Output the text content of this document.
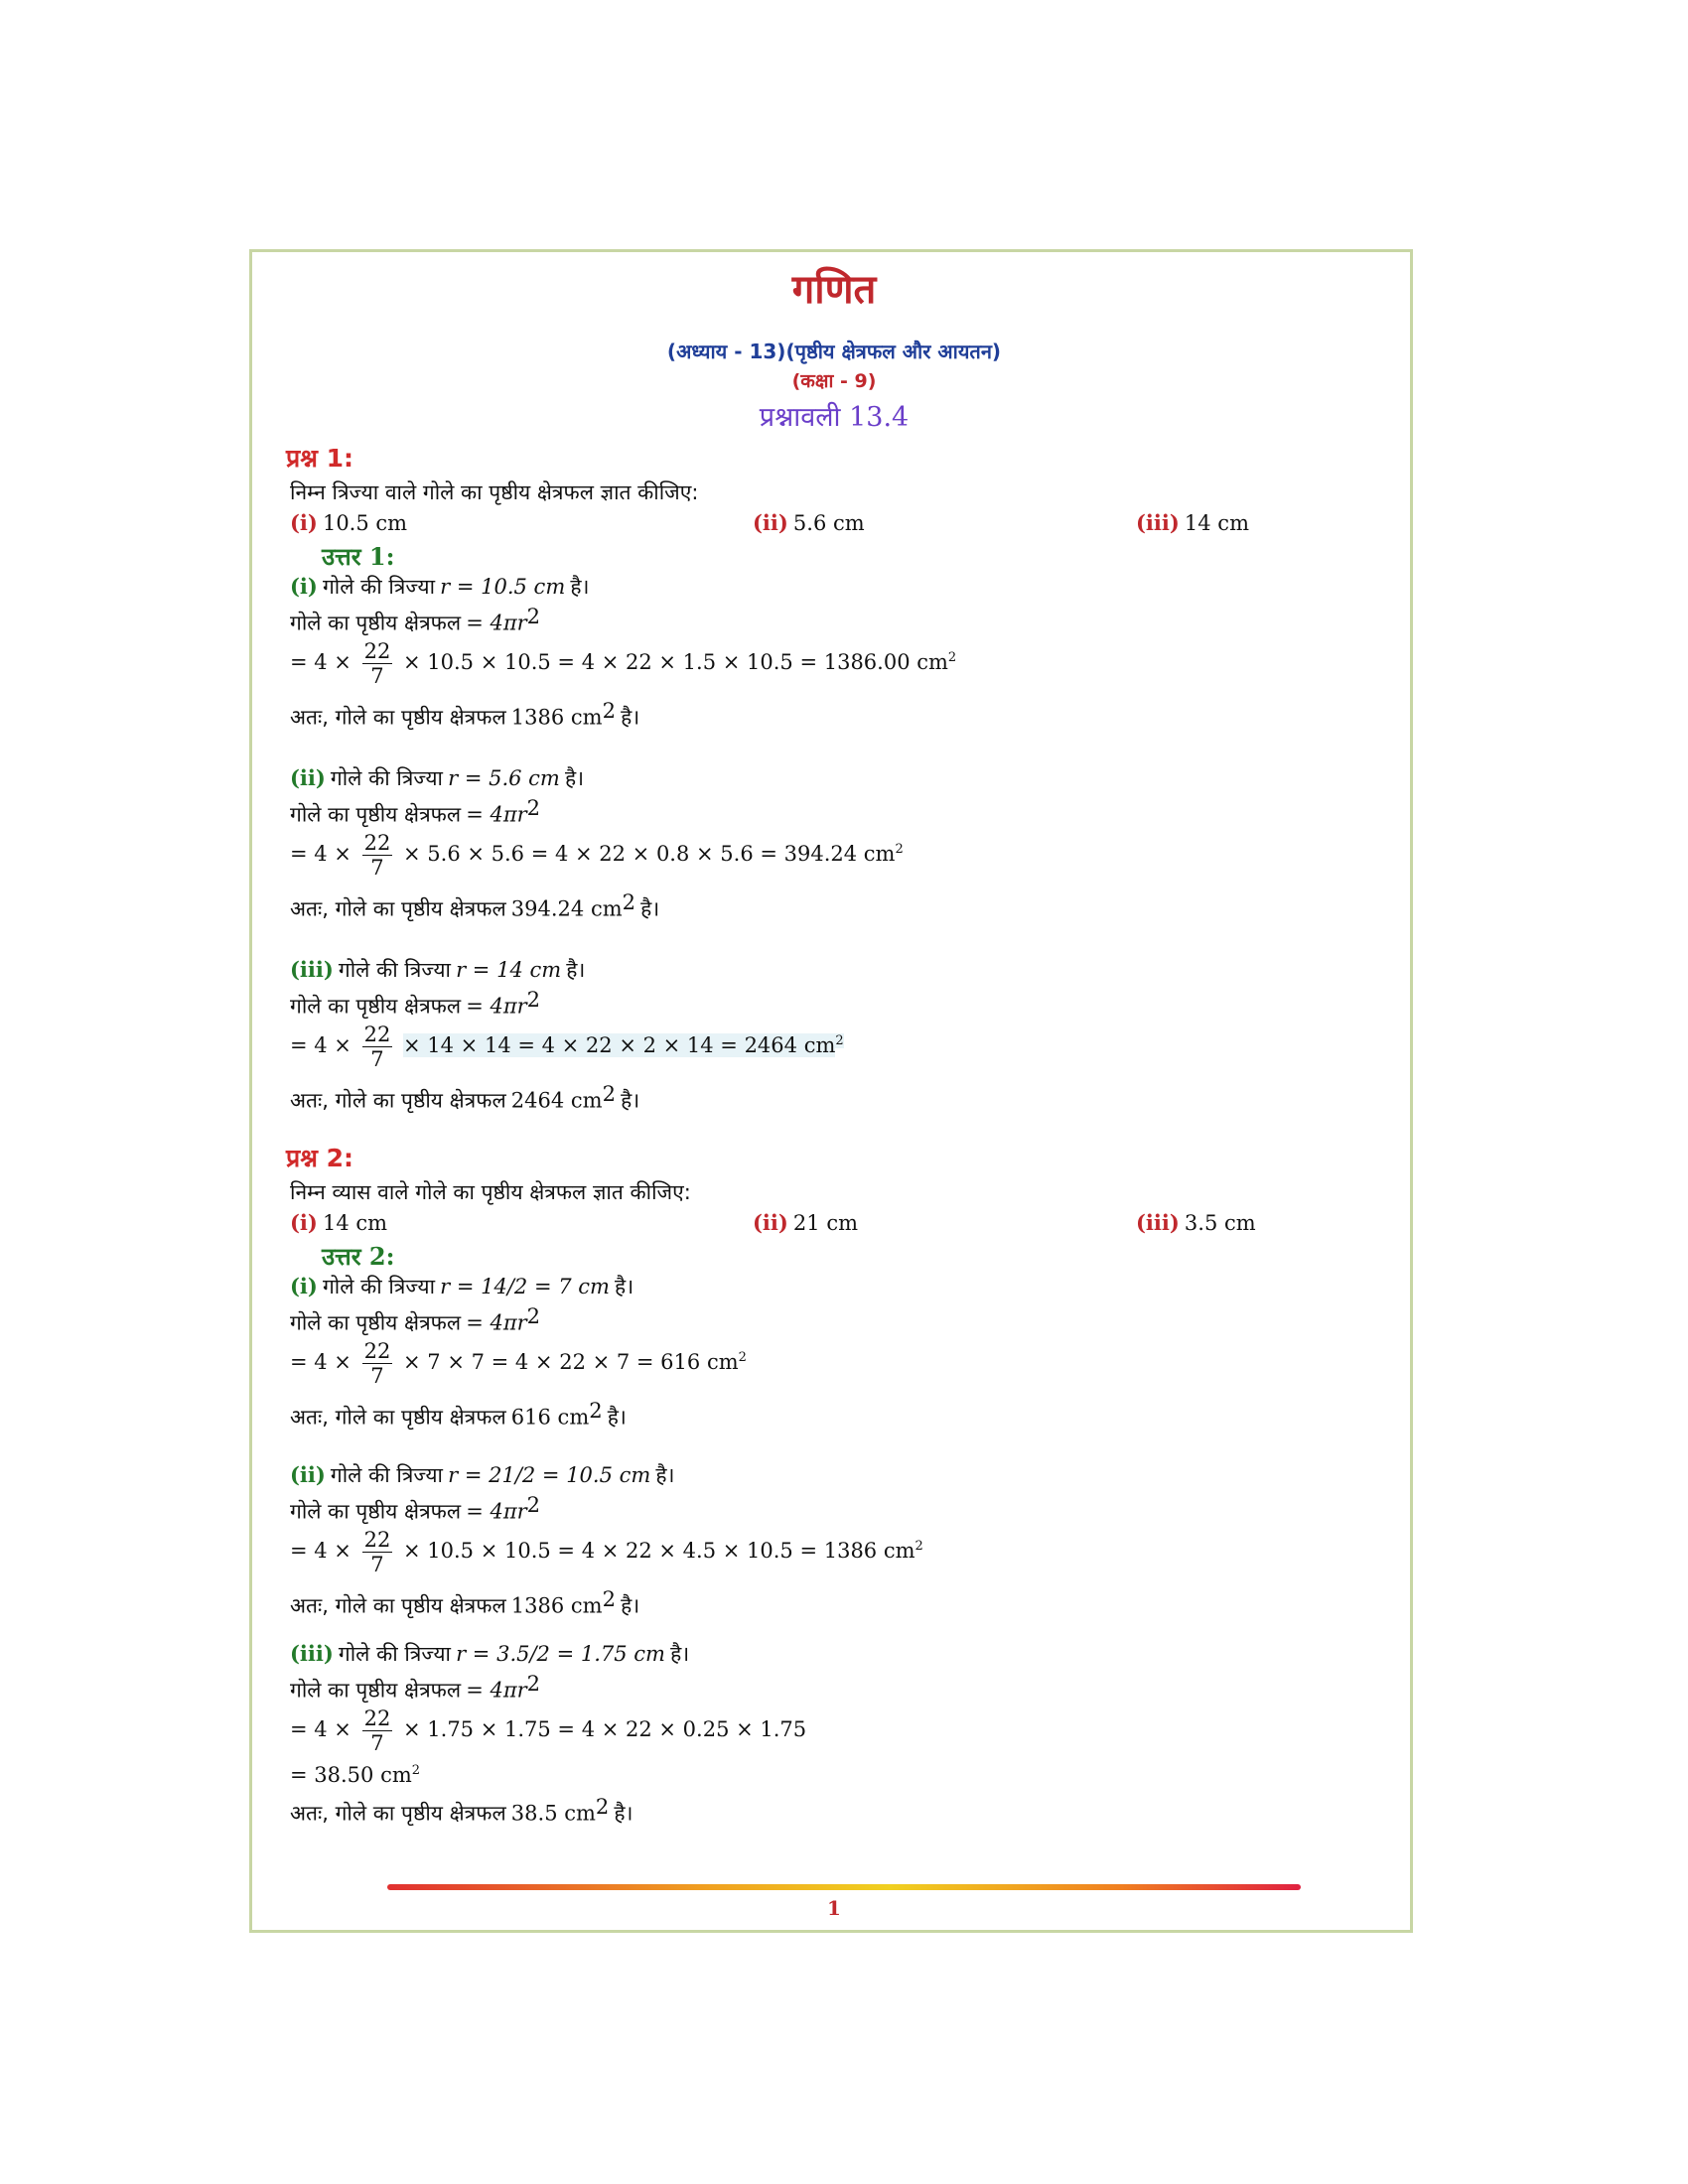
गणित
(अध्याय - 13)(पृष्ठीय क्षेत्रफल और आयतन)
(कक्षा - 9)
प्रश्नावली 13.4
प्रश्न 1:
निम्न त्रिज्या वाले गोले का पृष्ठीय क्षेत्रफल ज्ञात कीजिए:
(i) 10.5 cm	(ii) 5.6 cm	(iii) 14 cm
उत्तर 1:
(i) गोले की त्रिज्या r = 10.5 cm है।
गोले का पृष्ठीय क्षेत्रफल = $4\pi r^2$
= $4 \times \frac{22}{7} \times 10.5 \times 10.5 = 4 \times 22 \times 1.5 \times 10.5 = 1386.00$ $cm^2$
अतः, गोले का पृष्ठीय क्षेत्रफल 1386 $cm^2$ है।
(ii) गोले की त्रिज्या r = 5.6 cm है।
गोले का पृष्ठीय क्षेत्रफल = $4\pi r^2$
= $4 \times \frac{22}{7} \times 5.6 \times 5.6 = 4 \times 22 \times 0.8 \times 5.6 = 394.24$ $cm^2$
अतः, गोले का पृष्ठीय क्षेत्रफल 394.24 $cm^2$ है।
(iii) गोले की त्रिज्या r = 14 cm है।
गोले का पृष्ठीय क्षेत्रफल = $4\pi r^2$
= $4 \times \frac{22}{7} \times 14 \times 14 = 4 \times 22 \times 2 \times 14 = 2464$ $cm^2$
अतः, गोले का पृष्ठीय क्षेत्रफल 2464 $cm^2$ है।
प्रश्न 2:
निम्न व्यास वाले गोले का पृष्ठीय क्षेत्रफल ज्ञात कीजिए:
(i) 14 cm	(ii) 21 cm	(iii) 3.5 cm
उत्तर 2:
(i) गोले की त्रिज्या r = 14/2 = 7 cm है।
गोले का पृष्ठीय क्षेत्रफल = $4\pi r^2$
= $4 \times \frac{22}{7} \times 7 \times 7 = 4 \times 22 \times 7 = 616$ $cm^2$
अतः, गोले का पृष्ठीय क्षेत्रफल 616 $cm^2$ है।
(ii) गोले की त्रिज्या r = 21/2 = 10.5 cm है।
गोले का पृष्ठीय क्षेत्रफल = $4\pi r^2$
= $4 \times \frac{22}{7} \times 10.5 \times 10.5 = 4 \times 22 \times 4.5 \times 10.5 = 1386$ $cm^2$
अतः, गोले का पृष्ठीय क्षेत्रफल 1386 $cm^2$ है।
(iii) गोले की त्रिज्या r = 3.5/2 = 1.75 cm है।
गोले का पृष्ठीय क्षेत्रफल = $4\pi r^2$
= $4 \times \frac{22}{7} \times 1.75 \times 1.75 = 4 \times 22 \times 0.25 \times 1.75$
= 38.50 $cm^2$
अतः, गोले का पृष्ठीय क्षेत्रफल 38.5 $cm^2$ है।
1
